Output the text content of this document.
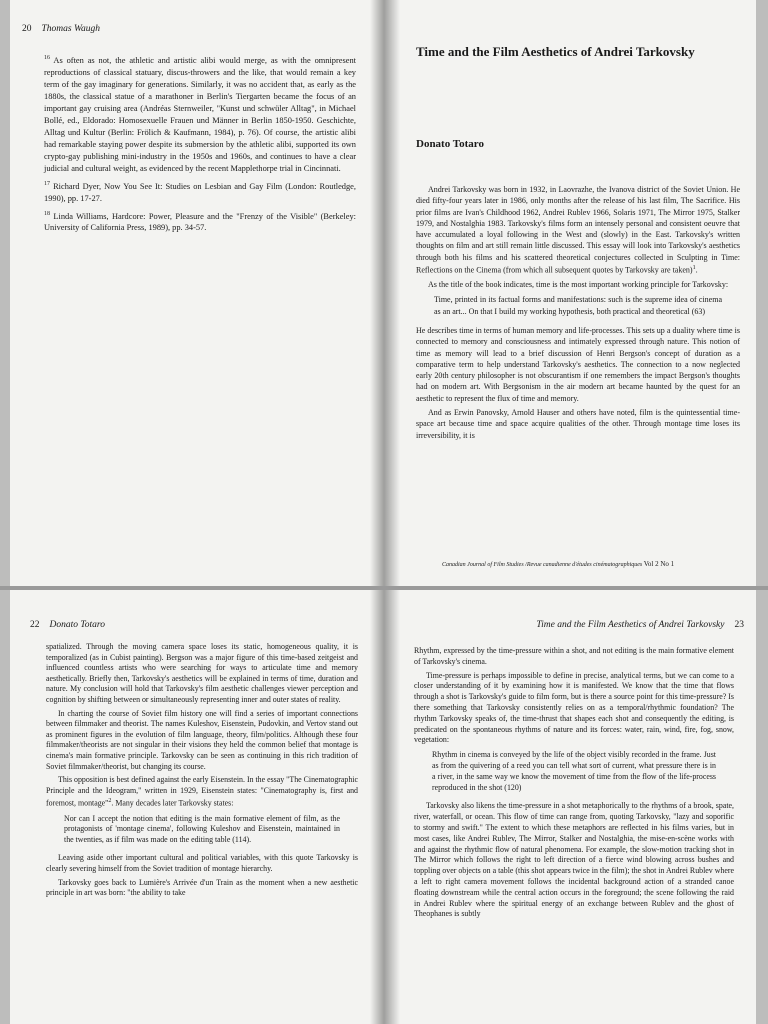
20 Thomas Waugh

$^{16}$ As often as not, the athletic and artistic alibi would merge, as with the omnipresent reproductions of classical statuary, discus-throwers and the like, that would remain a key term of the gay imaginary for generations. Similarly, it was no accident that, as early as the 1880s, the classical statue of a marathoner in Berlin's Tiergarten became the focus of an important gay cruising area (Andréas Sternweiler, "Kunst und schwüler Alltag", in Michael Bollé, ed., Eldorado: Homosexuelle Frauen und Männer in Berlin 1850-1950. Geschichte, Alltag und Kultur (Berlin: Frölich & Kaufmann, 1984), p. 76). Of course, the artistic alibi had remarkable staying power despite its submersion by the athletic alibi, supported its own crypto-gay publishing mini-industry in the 1950s and 1960s, and continues to have a clear judicial and cultural weight, as evidenced by the recent Mapplethorpe trial in Cincinnati.

$^{17}$ Richard Dyer, Now You See It: Studies on Lesbian and Gay Film (London: Routledge, 1990), pp. 17-27.

$^{18}$ Linda Williams, Hardcore: Power, Pleasure and the "Frenzy of the Visible" (Berkeley: University of California Press, 1989), pp. 34-57.

Time and the Film Aesthetics of Andrei Tarkovsky
Donato Totaro

Andrei Tarkovsky was born in 1932, in Laovrazhe, the Ivanova district of the Soviet Union. He died fifty-four years later in 1986, only months after the release of his last film, The Sacrifice. His prior films are Ivan's Childhood 1962, Andrei Rublev 1966, Solaris 1971, The Mirror 1975, Stalker 1979, and Nostalghia 1983. Tarkovsky's films form an intensely personal and consistent oeuvre that have accumulated a loyal following in the West and (slowly) in the East. Tarkovsky's written thoughts on film and art still remain little discussed. This essay will look into Tarkovsky's aesthetics through both his films and his scattered theoretical conjectures collected in Sculpting in Time: Reflections on the Cinema (from which all subsequent quotes by Tarkovsky are taken)$^1$.

As the title of the book indicates, time is the most important working principle for Tarkovsky:

Time, printed in its factual forms and manifestations: such is the supreme idea of cinema as an art... On that I build my working hypothesis, both practical and theoretical (63)

He describes time in terms of human memory and life-processes. This sets up a duality where time is connected to memory and consciousness and intimately expressed through nature. This notion of time as memory will lead to a brief discussion of Henri Bergson's concept of duration as a comparative term to help understand Tarkovsky's aesthetics. The connection to a now neglected early 20th century philosopher is not obscurantism if one remembers the impact Bergson's thoughts had on modern art. With Bergsonism in the air modern art became haunted by the quest for an aesthetic to represent the flux of time and memory.

And as Erwin Panovsky, Arnold Hauser and others have noted, film is the quintessential time-space art because time and space acquire qualities of the other. Through montage time loses its irreversibility, it is

Canadian Journal of Film Studies /Revue canadienne d'études cinématographiques Vol 2 No 1
22 Donato Totaro

spatialized. Through the moving camera space loses its static, homogeneous quality, it is temporalized (as in Cubist painting). Bergson was a major figure of this time-based zeitgeist and influenced countless artists who were searching for ways to articulate time and memory aesthetically. Briefly then, Tarkovsky's aesthetics will be explained in terms of time, duration and nature. My conclusion will hold that Tarkovsky's film aesthetic challenges viewer perception and cognition by shifting between or simultaneously representing inner and outer states of reality.

In charting the course of Soviet film history one will find a series of important connections between filmmaker and theorist. The names Kuleshov, Eisenstein, Pudovkin, and Vertov stand out as prominent figures in the evolution of film language, theory, film/politics. Although these four filmmaker/theorists are not singular in their visions they held the common belief that montage is cinema's main formative principle. Tarkovsky can be seen as continuing in this rich tradition of Soviet filmmaker/theorist, but changing its course.

This opposition is best defined against the early Eisenstein. In the essay "The Cinematographic Principle and the Ideogram," written in 1929, Eisenstein states: "Cinematography is, first and foremost, montage"$^2$. Many decades later Tarkovsky states:

Nor can I accept the notion that editing is the main formative element of film, as the protagonists of 'montage cinema', following Kuleshov and Eisenstein, maintained in the twenties, as if film was made on the editing table (114).

Leaving aside other important cultural and political variables, with this quote Tarkovsky is clearly severing himself from the Soviet tradition of montage hierarchy.

Tarkovsky goes back to Lumière's Arrivée d'un Train as the moment when a new aesthetic principle in art was born: "the ability to take

Time and the Film Aesthetics of Andrei Tarkovsky 23

Rhythm, expressed by the time-pressure within a shot, and not editing is the main formative element of Tarkovsky's cinema.

Time-pressure is perhaps impossible to define in precise, analytical terms, but we can come to a closer understanding of it by examining how it is manifested. We know that the time that flows through a shot is Tarkovsky's guide to film form, but is there a source point for this time-pressure? Is there something that Tarkovsky consistently relies on as a temporal/rhythmic foundation? The rhythm Tarkovsky speaks of, the time-thrust that shapes each shot and consequently the editing, is predicated on the spontaneous rhythms of nature and its forces: water, rain, wind, fire, fog, snow, vegetation:

Rhythm in cinema is conveyed by the life of the object visibly recorded in the frame. Just as from the quivering of a reed you can tell what sort of current, what pressure there is in a river, in the same way we know the movement of time from the flow of the life-process reproduced in the shot (120)

Tarkovsky also likens the time-pressure in a shot metaphorically to the rhythms of a brook, spate, river, waterfall, or ocean. This flow of time can range from, quoting Tarkovsky, "lazy and soporific to stormy and swift." The extent to which these metaphors are reflected in his films varies, but in most cases, like Andrei Rublev, The Mirror, Stalker and Nostalghia, the mise-en-scène works with and against the rhythmic flow of natural phenomena. For example, the slow-motion tracking shot in The Mirror which follows the right to left direction of a fierce wind blowing across bushes and toppling over objects on a table (this shot appears twice in the film); the shot in Andrei Rublev where a left to right camera movement follows the incidental background action of a stranded canoe floating downstream while the central action occurs in the foreground; the scene following the raid in Andrei Rublev where the spiritual energy of an exchange between Rublev and the ghost of Theophanes is subtly
